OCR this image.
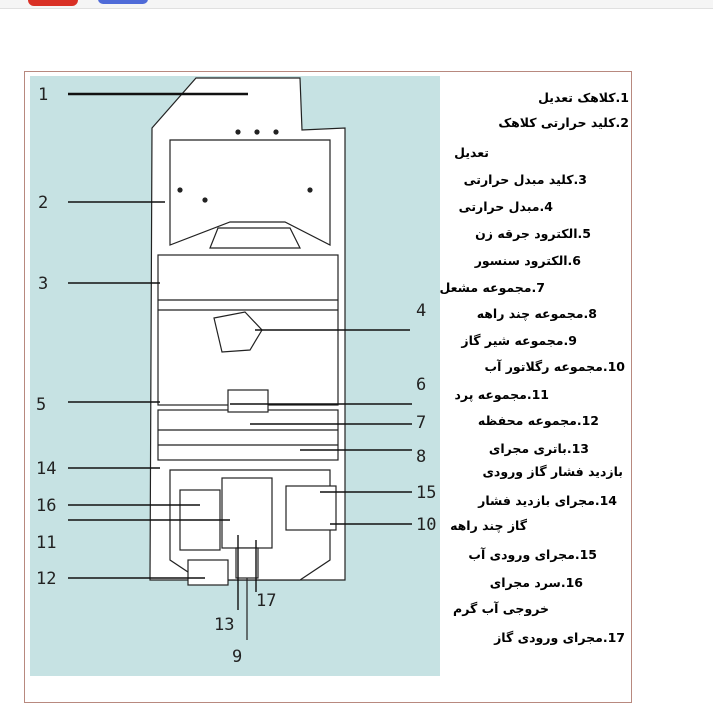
1
2
3
4
5
6
7
8
9
10
11
12
13
14
15
16
17
1.کلاهک تعدیل
2.کلید حرارتی کلاهک
تعدیل
3.کلید مبدل حرارتی
4.مبدل حرارتی
5.الکترود جرقه زن
6.الکترود سنسور
7.مجموعه مشعل
8.مجموعه چند راهه
9.مجموعه شیر گاز
10.مجموعه رگلاتور آب
11.مجموعه پرد
12.مجموعه محفظه
13.باتری مجرای
بازدید فشار گاز ورودی
14.مجرای بازدید فشار
گاز چند راهه
15.مجرای ورودی آب
16.سرد مجرای
خروجی آب گرم
17.مجرای ورودی گاز
